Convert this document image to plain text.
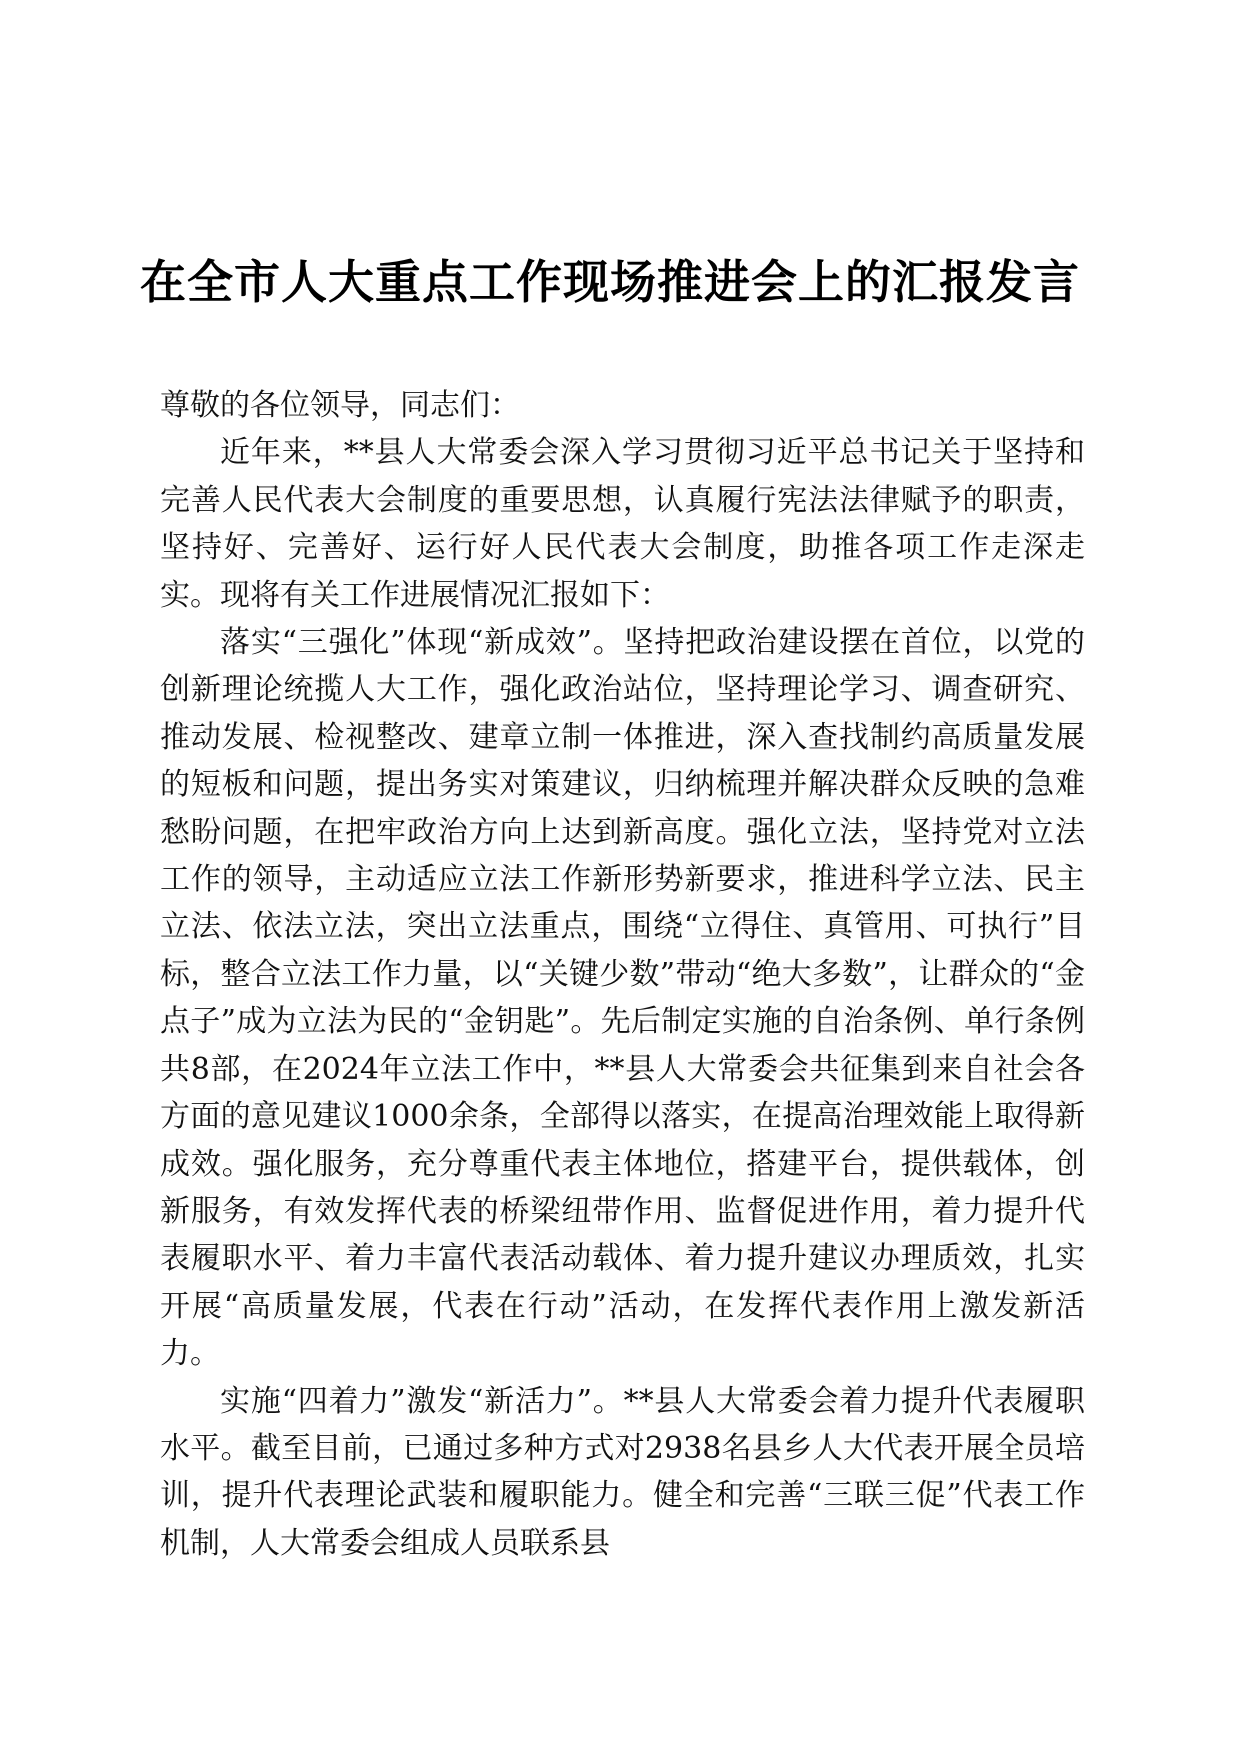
在全市人大重点工作现场推进会上的汇报发言

尊敬的各位领导，同志们：

近年来，**县人大常委会深入学习贯彻习近平总书记关于坚持和完善人民代表大会制度的重要思想，认真履行宪法法律赋予的职责，坚持好、完善好、运行好人民代表大会制度，助推各项工作走深走实。现将有关工作进展情况汇报如下：

落实“三强化”体现“新成效”。坚持把政治建设摆在首位，以党的创新理论统揽人大工作，强化政治站位，坚持理论学习、调查研究、推动发展、检视整改、建章立制一体推进，深入查找制约高质量发展的短板和问题，提出务实对策建议，归纳梳理并解决群众反映的急难愁盼问题，在把牢政治方向上达到新高度。强化立法，坚持党对立法工作的领导，主动适应立法工作新形势新要求，推进科学立法、民主立法、依法立法，突出立法重点，围绕“立得住、真管用、可执行”目标，整合立法工作力量，以“关键少数”带动“绝大多数”，让群众的“金点子”成为立法为民的“金钥匙”。先后制定实施的自治条例、单行条例共8部，在2024年立法工作中，**县人大常委会共征集到来自社会各方面的意见建议1000余条，全部得以落实，在提高治理效能上取得新成效。强化服务，充分尊重代表主体地位，搭建平台，提供载体，创新服务，有效发挥代表的桥梁纽带作用、监督促进作用，着力提升代表履职水平、着力丰富代表活动载体、着力提升建议办理质效，扎实开展“高质量发展，代表在行动”活动，在发挥代表作用上激发新活力。

实施“四着力”激发“新活力”。**县人大常委会着力提升代表履职水平。截至目前，已通过多种方式对2938名县乡人大代表开展全员培训，提升代表理论武装和履职能力。健全和完善“三联三促”代表工作机制，人大常委会组成人员联系县
